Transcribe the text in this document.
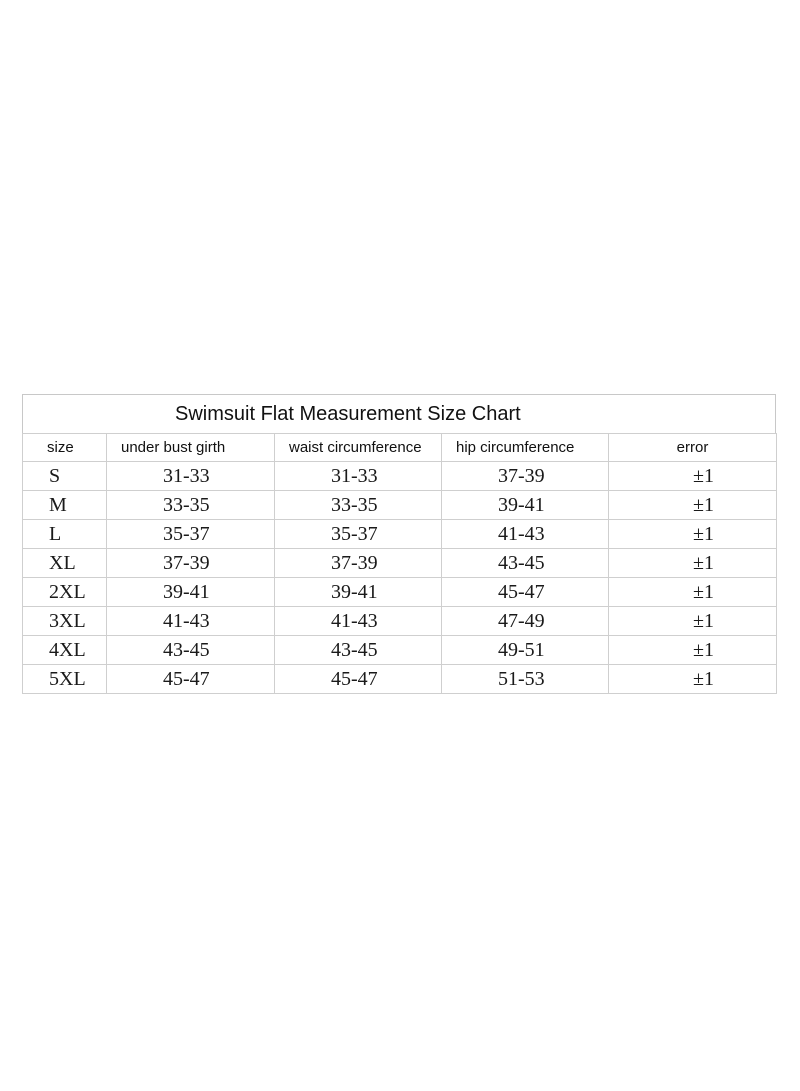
Swimsuit Flat Measurement Size Chart
size	under bust girth	waist circumference	hip circumference	error
S	31-33	31-33	37-39	±1
M	33-35	33-35	39-41	±1
L	35-37	35-37	41-43	±1
XL	37-39	37-39	43-45	±1
2XL	39-41	39-41	45-47	±1
3XL	41-43	41-43	47-49	±1
4XL	43-45	43-45	49-51	±1
5XL	45-47	45-47	51-53	±1
